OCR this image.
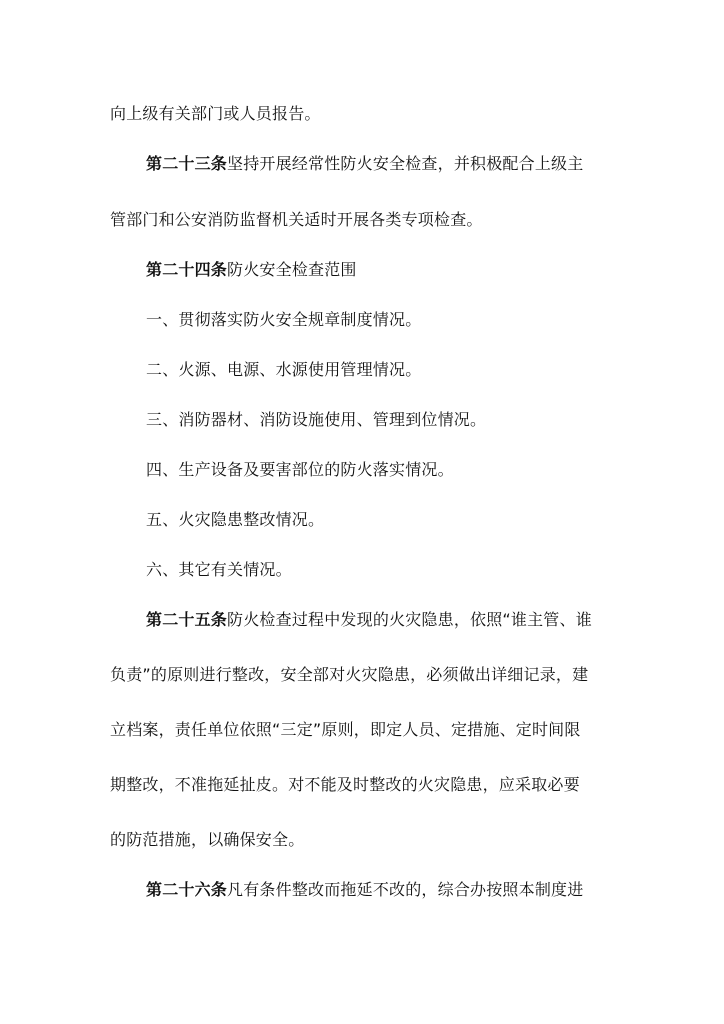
向上级有关部门或人员报告。
第二十三条坚持开展经常性防火安全检查，并积极配合上级主
管部门和公安消防监督机关适时开展各类专项检查。
第二十四条防火安全检查范围
一、贯彻落实防火安全规章制度情况。
二、火源、电源、水源使用管理情况。
三、消防器材、消防设施使用、管理到位情况。
四、生产设备及要害部位的防火落实情况。
五、火灾隐患整改情况。
六、其它有关情况。
第二十五条防火检查过程中发现的火灾隐患，依照“谁主管、谁
负责”的原则进行整改，安全部对火灾隐患，必须做出详细记录，建
立档案，责任单位依照“三定”原则，即定人员、定措施、定时间限
期整改，不准拖延扯皮。对不能及时整改的火灾隐患，应采取必要
的防范措施，以确保安全。
第二十六条凡有条件整改而拖延不改的，综合办按照本制度进
